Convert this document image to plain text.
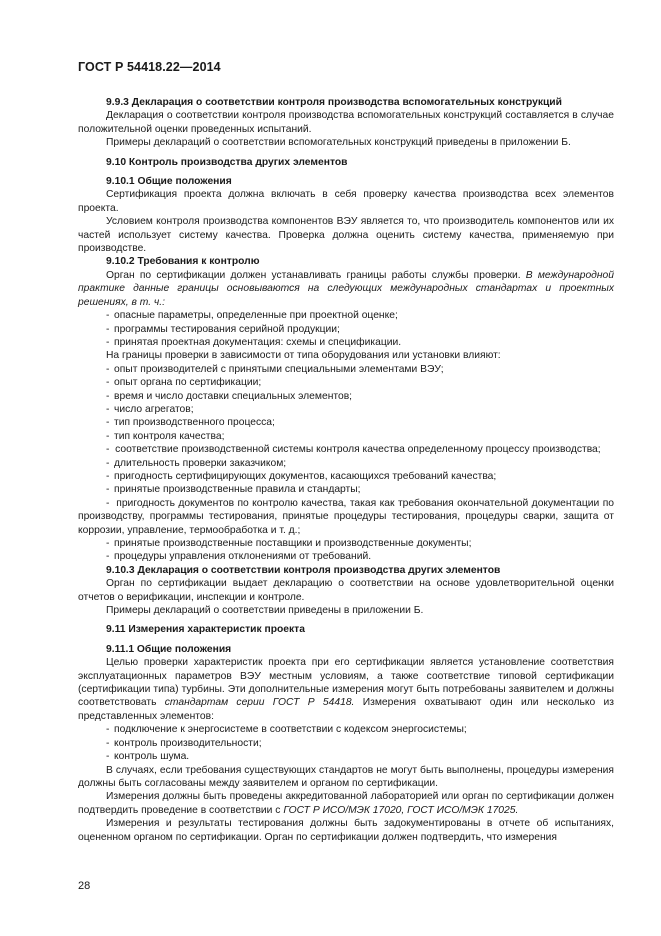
ГОСТ Р 54418.22—2014

9.9.3 Декларация о соответствии контроля производства вспомогательных конструкций

Декларация о соответствии контроля производства вспомогательных конструкций составляется в случае положительной оценки проведенных испытаний.

Примеры деклараций о соответствии вспомогательных конструкций приведены в приложении Б.

9.10 Контроль производства других элементов

9.10.1 Общие положения

Сертификация проекта должна включать в себя проверку качества производства всех элементов проекта.

Условием контроля производства компонентов ВЭУ является то, что производитель компонентов или их частей использует систему качества. Проверка должна оценить систему качества, применяемую при производстве.

9.10.2 Требования к контролю

Орган по сертификации должен устанавливать границы работы службы проверки. В международной практике данные границы основываются на следующих международных стандартах и проектных решениях, в т. ч.:

- опасные параметры, определенные при проектной оценке;

- программы тестирования серийной продукции;

- принятая проектная документация: схемы и спецификации.

На границы проверки в зависимости от типа оборудования или установки влияют:

- опыт производителей с принятыми специальными элементами ВЭУ;

- опыт органа по сертификации;

- время и число доставки специальных элементов;

- число агрегатов;

- тип производственного процесса;

- тип контроля качества;

-  соответствие производственной системы контроля качества определенному процессу производства;

- длительность проверки заказчиком;

- пригодность сертифицирующих документов, касающихся требований качества;

- принятые производственные правила и стандарты;

-  пригодность документов по контролю качества, такая как требования окончательной документации по производству, программы тестирования, принятые процедуры тестирования, процедуры сварки, защита от коррозии, управление, термообработка и т. д.;

- принятые производственные поставщики и производственные документы;

- процедуры управления отклонениями от требований.

9.10.3 Декларация о соответствии контроля производства других элементов

Орган по сертификации выдает декларацию о соответствии на основе удовлетворительной оценки отчетов о верификации, инспекции и контроле.

Примеры деклараций о соответствии приведены в приложении Б.

9.11 Измерения характеристик проекта

9.11.1 Общие положения

Целью проверки характеристик проекта при его сертификации является установление соответствия эксплуатационных параметров ВЭУ местным условиям, а также соответствие типовой сертификации (сертификации типа) турбины. Эти дополнительные измерения могут быть потребованы заявителем и должны соответствовать стандартам серии ГОСТ Р 54418. Измерения охватывают один или несколько из представленных элементов:

- подключение к энергосистеме в соответствии с кодексом энергосистемы;

- контроль производительности;

- контроль шума.

В случаях, если требования существующих стандартов не могут быть выполнены, процедуры измерения должны быть согласованы между заявителем и органом по сертификации.

Измерения должны быть проведены аккредитованной лабораторией или орган по сертификации должен подтвердить проведение в соответствии с ГОСТ Р ИСО/МЭК 17020, ГОСТ ИСО/МЭК 17025.

Измерения и результаты тестирования должны быть задокументированы в отчете об испытаниях, оцененном органом по сертификации. Орган по сертификации должен подтвердить, что измерения

28
